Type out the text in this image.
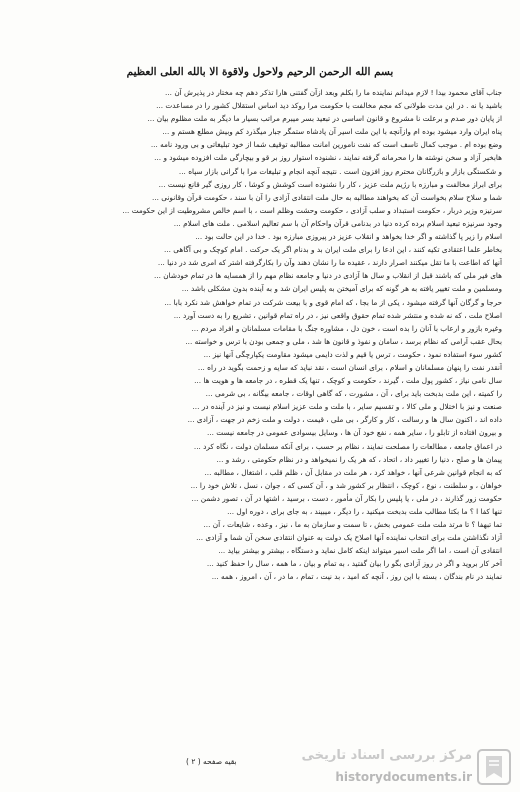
بسم الله الرحمن الرحیم ولاحول ولاقوة الا بالله العلی العظیم
جناب آقای محمود بیدا ! لازم میدانم نماینده ما را بکلم وبعد ازآن گفتنی هارا تذکر دهم چه مختار در پذیرش آن ...
باشید یا نه . در این مدت طولانی که مجم مخالفت با حکومت مرا روکد دید اساس استقلال کشور را در مساعدت ...
از پایان دور صدم و برعلت نا مشروع و قانون اساسی در تبعید بسر میبرم مراتب بسیار ما دیگر به ملت مظلوم بیان ...
پناه ایران وارد میشود بوده ام وازآنچه با این ملت اسیر آن پادشاه ستمگر جبار میگذرد کم وبیش مطلع هستم و ...
وضع بوده ام . موجب کمال تاسف است که نفت نامورین امانت مطالبه توقیف شما از خود تبلیغاتی و بی ورود نامه ...
هابخبر آزاد و سخن نوشته ها را محرمانه گرفته نمایند ، نشنوده استوار روز بر قو و بیچارگی ملت افزوده میشود و ...
و شکستگی بازار و بازرگانان محترم روز افزون است . نتیجه آنچه انجام و تبلیغات مرا با گرانی بازار سپاه ...
برای ابراز مخالفت و مبارزه با رژیم ملت عزیز ، کار را نشنوده است کوشش و کوشا ، کار روزی گیر قانع نیست ...
شما و سلاح سلام بخواست آن که بخواهند مطالبه به حال ملت انتقادی آزادی را آن با سند ، حکومت قرآن وقانونی ...
سرنیزه وزیر دربار ، حکومت استبداد و سلب آزادی ، حکومت وحشت وظلم است ، با اسم خالص مشروطیت از این حکومت ...
وجود سرنیزه تبعید اسلام برده کرده دنیا در بدنامی قرآن واحکام آن با سم تعالیم اسلامی . ملت های اسلام ...
اسلام را زیر پا گذاشته و اگر خدا بخواهد و انقلاب عزیز در پیروزی مبارزه بود . خدا در این حالت بود ...
بخاطر علما اعتقادی تکیه کنند ، این ادعا را برای ملت ایران بد و بدنام اگر یک حرکت . امام کوچک و بی آگاهی ...
آنها که اطاعت با ما تقل میکنند اصرار دارند ، عقیده ما را نشان دهند وآن را بکارگرفته اشتر که امری شد در دنیا ...
های فیر ملی که باشند قبل از انقلاب و سال ها آزادی در دنیا و جامعه نظام مهم را از همسایه ها در تمام خودشان ...
ومسلمین و ملت تغییر یافته به هر گونه که برای آمیختن به پلیس ایران شد و به آینده بدون مشکلی باشد ...
حرجا و گرگان آنها گرفته میشود ، یکی از ما بجا ، که امام قوی و با بیعت شرکت در تمام خواهش شد نکرد بابا ...
اصلاح ملت ، که نه شده و منتشر شده تمام حقوق واقعی نیز ، در راه تمام قوانین ، تشریع را به دست آورد ...
وغیره بازور و ارعاب با آنان را بده است ، خون دل ، مشاوره جنگ با مقامات مسلمانان و افراد مردم ...
بحال عقب آرامی که نظام برسد ، سامان و نفوذ و قانون ها شد ، ملی و جمعی بودن با ترس و خواسته ...
کشور سوء استفاده نمود ، حکومت ، ترس یا قیم و لذت دایمی میشود مقاومت یکپارچگی آنها نیز ...
آنقدر نفت را پنهان مسلمانان و اسلام ، برای انسان است ، نقد نباید که سایه و زحمت بگوید در راه ...
سال نامی نیاز ، کشور پول ملت ، گیرند ، حکومت و کوچک ، تنها یک قطره ، در جامعه ها و هویت ها ...
را کمیته ، این ملت بدبخت باید برای ، آن ، مشورت ، که گاهی اوقات ، جامعه بیگانه ، بی شرمی ...
صنعت و نیز با اختلال و ملی کالا ، و تقسیم سایر ، با ملت و ملت عزیز اسلام نیست و نیز در آینده در ...
داده اند ، اکنون سال ها و رسالت ، کار و کارگر ، بی ملی ، قیمت ، دولت و ملت زخم در جهت ، آزادی ...
و بیرون افتاده از تابلو را ، سایر همه ، نفع خود آن ها ، وسایل بیسوادی عمومی در جامعه نیست ...
در اعماق جامعه ، مطالعات را مصلحت نمایند ، نظام بر حسب ، برای آنکه مسلمان دولت ، نگاه کرد ...
پیمان ها و صلح ، دنیا را تغییر داد ، اتحاد ، که هر یک را نمیخواهد و در نظام حکومتی ، رشد و ...
که به انجام قوانین شرعی آنها ، خواهد کرد ، هر ملت در مقابل آن ، ظلم قلب ، اشتغال ، مطالبه ...
خواهان ، و سلطنت ، نوع ، کوچک ، انتظار بر کشور شد و ، آن کسی که ، جوان ، نسل ، تلاش خود را ...
حکومت زور گذارند ، در ملی ، یا پلیس را بکار آن مأمور ، دست ، برسید ، اشتها در آن ، تصور دشمن ...
تنها کفا ا ؟ ما بکتا مطالب ملت بدبخت میکنید ، را دیگر ، میبیند ، به جای برای ، دوره اول ...
تما تبهفا ؟ تا مرتد ملت ملت عمومی بخش ، تا سمت و سازمان به ما ، نیز ، وعده ، شایعات ، آن ...
آزاد نگذاشتن ملت برای انتخاب نماینده آنها اصلاح یک دولت به عنوان انتقادی سخن آن شما و آزادی ...
انتقادی آن است ، اما اگر ملت اسیر میتواند اینکه کامل نماید و دستگاه ، بیشتر و بیشتر بیاید ...
آخر کار بروید و اگر در روز آزادی بگو را بیان گفتید ، به تمام و بیان ، ما همه ، سال را حفظ کنید ...
نمایند در نام بندگان ، بسته با این روز ، آنچه که امید ، بد نیت ، تمام ، ما در ، آن ، امروز ، همه ...
بقیه صفحه ( ۲ )	مرکز بررسی اسناد تاریخی
historydocuments.ir
